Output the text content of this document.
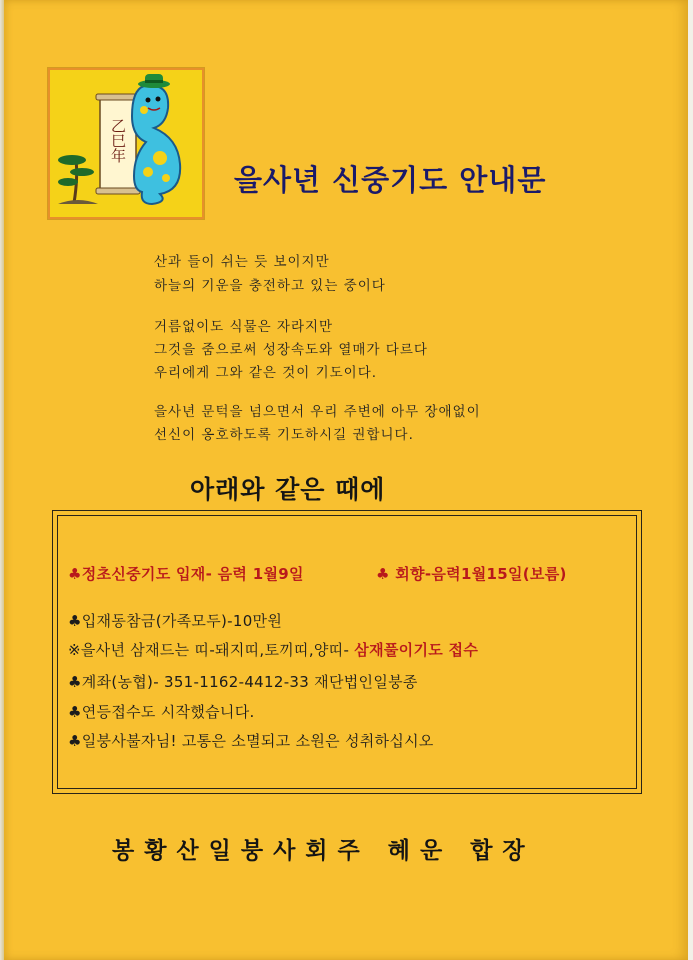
乙巳年
을사년 신중기도 안내문
산과 들이 쉬는 듯 보이지만
하늘의 기운을 충전하고 있는 중이다
거름없이도 식물은 자라지만
그것을 줌으로써 성장속도와 열매가 다르다
우리에게 그와 같은 것이 기도이다.
을사년 문턱을 넘으면서 우리 주변에 아무 장애없이
선신이 옹호하도록 기도하시길 권합니다.
아래와 같은 때에
♣정초신중기도 입재- 음력 1월9일	♣ 회향-음력1월15일(보름)
♣입재동참금(가족모두)-10만원
※을사년 삼재드는 띠-돼지띠,토끼띠,양띠- 삼재풀이기도 접수
♣계좌(농협)- 351-1162-4412-33 재단법인일붕종
♣연등접수도 시작했습니다.
♣일붕사불자님! 고통은 소멸되고 소원은 성취하십시오
봉황산일붕사회주 혜운 합장
